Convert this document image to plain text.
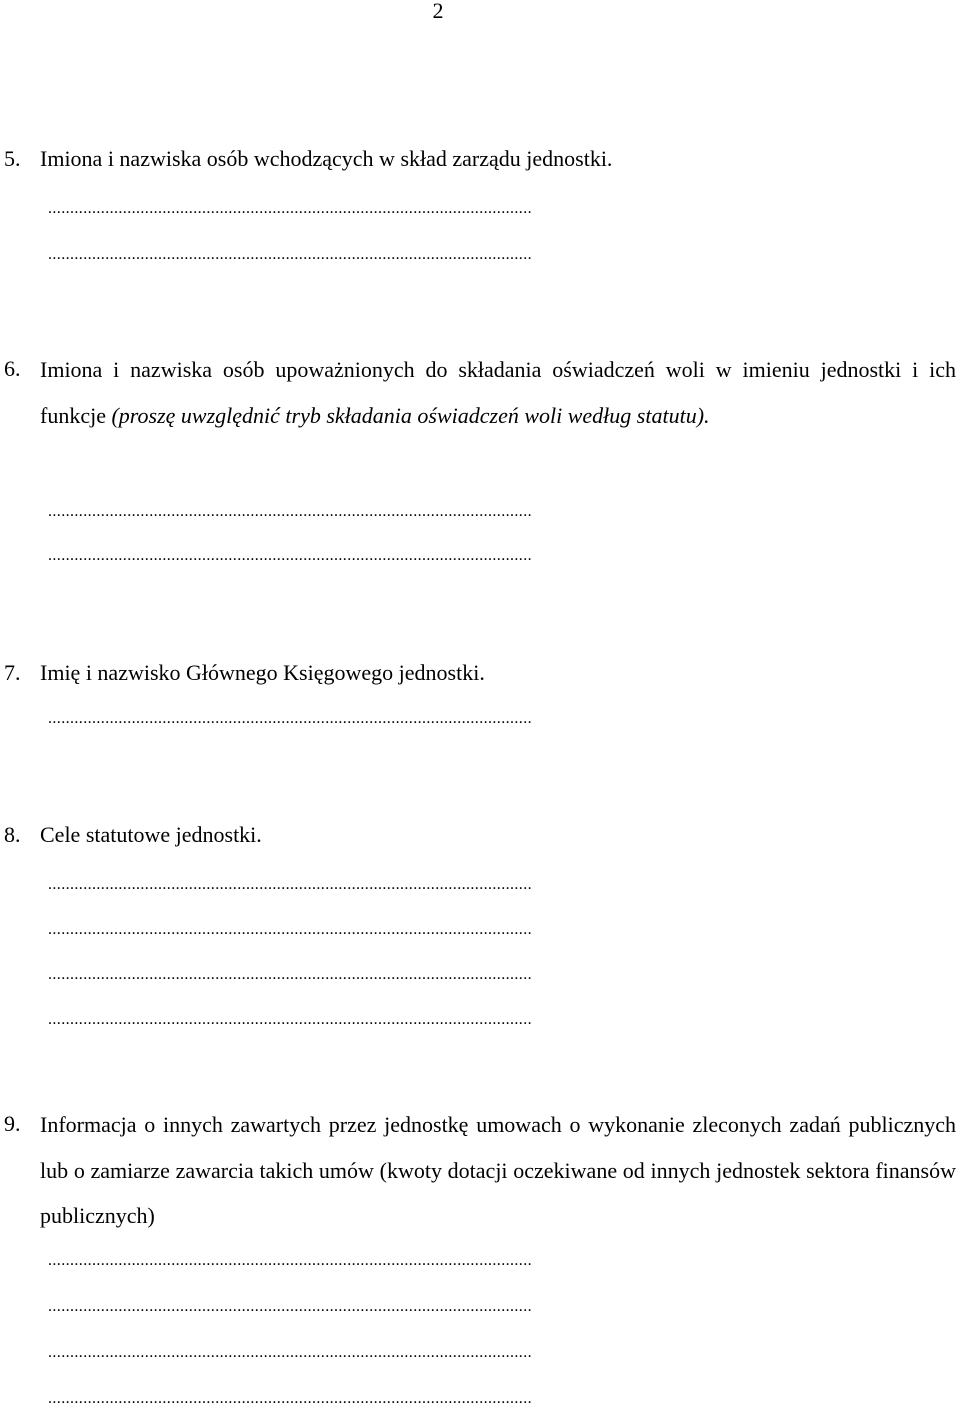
2
5. Imiona i nazwiska osób wchodzących w skład zarządu jednostki.
..............................................................................................................
..............................................................................................................
6. Imiona i nazwiska osób upoważnionych do składania oświadczeń woli w imieniu jednostki i ich funkcje (proszę uwzględnić tryb składania oświadczeń woli według statutu).
..............................................................................................................
..............................................................................................................
7. Imię i nazwisko Głównego Księgowego jednostki.
..............................................................................................................
8. Cele statutowe jednostki.
..............................................................................................................
..............................................................................................................
..............................................................................................................
..............................................................................................................
9. Informacja o innych zawartych przez jednostkę umowach o wykonanie zleconych zadań publicznych lub o zamiarze zawarcia takich umów (kwoty dotacji oczekiwane od innych jednostek sektora finansów publicznych)
..............................................................................................................
..............................................................................................................
..............................................................................................................
..............................................................................................................
